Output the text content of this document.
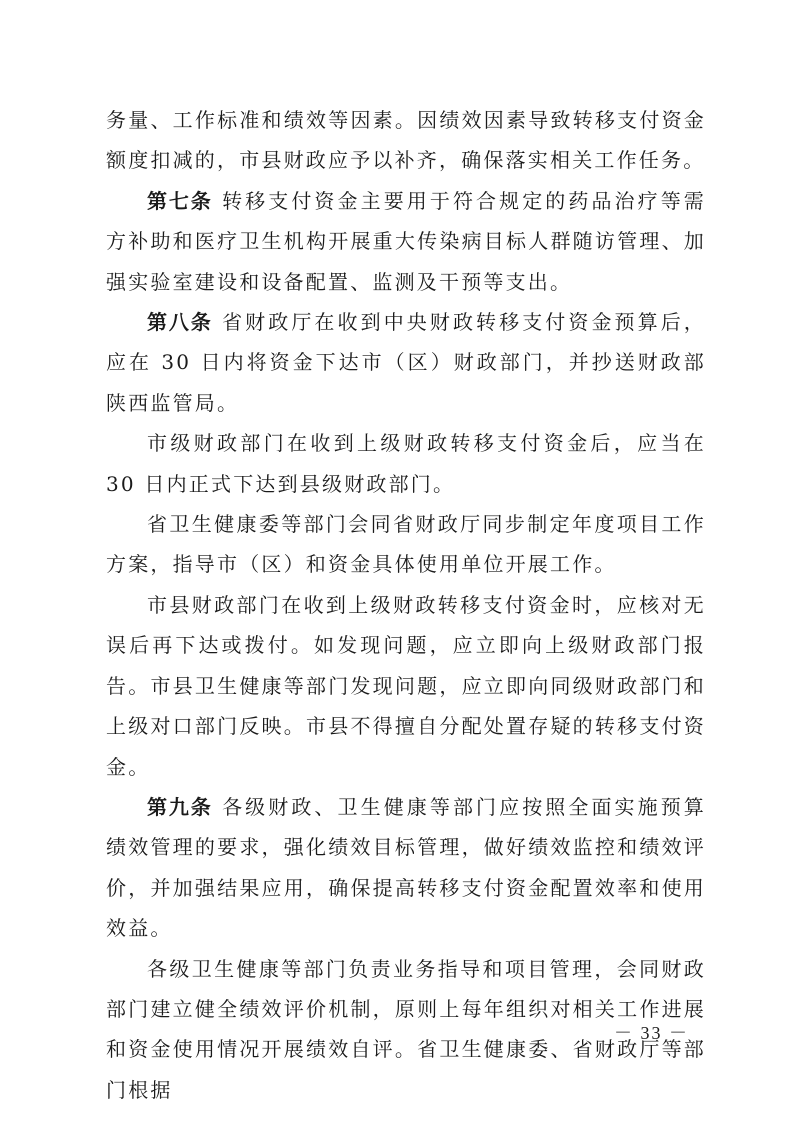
务量、工作标准和绩效等因素。因绩效因素导致转移支付资金额度扣减的，市县财政应予以补齐，确保落实相关工作任务。

第七条 转移支付资金主要用于符合规定的药品治疗等需方补助和医疗卫生机构开展重大传染病目标人群随访管理、加强实验室建设和设备配置、监测及干预等支出。

第八条 省财政厅在收到中央财政转移支付资金预算后，应在 30 日内将资金下达市（区）财政部门，并抄送财政部陕西监管局。

市级财政部门在收到上级财政转移支付资金后，应当在 30 日内正式下达到县级财政部门。

省卫生健康委等部门会同省财政厅同步制定年度项目工作方案，指导市（区）和资金具体使用单位开展工作。

市县财政部门在收到上级财政转移支付资金时，应核对无误后再下达或拨付。如发现问题，应立即向上级财政部门报告。市县卫生健康等部门发现问题，应立即向同级财政部门和上级对口部门反映。市县不得擅自分配处置存疑的转移支付资金。

第九条 各级财政、卫生健康等部门应按照全面实施预算绩效管理的要求，强化绩效目标管理，做好绩效监控和绩效评价，并加强结果应用，确保提高转移支付资金配置效率和使用效益。

各级卫生健康等部门负责业务指导和项目管理，会同财政部门建立健全绩效评价机制，原则上每年组织对相关工作进展和资金使用情况开展绩效自评。省卫生健康委、省财政厅等部门根据

－ 33 －
